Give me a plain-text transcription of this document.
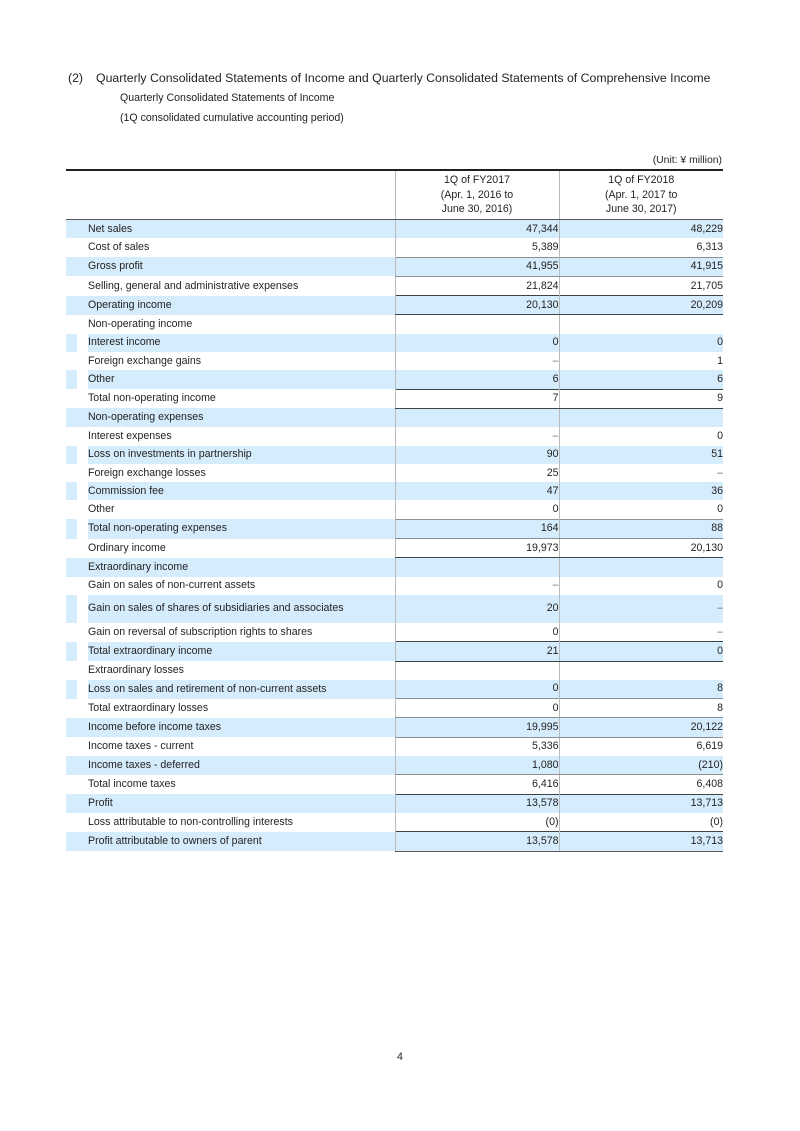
(2)	Quarterly Consolidated Statements of Income and Quarterly Consolidated Statements of Comprehensive Income
Quarterly Consolidated Statements of Income
(1Q consolidated cumulative accounting period)
(Unit: ¥ million)

1Q of FY2017
(Apr. 1, 2016 to
June 30, 2016)

1Q of FY2018
(Apr. 1, 2017 to
June 30, 2017)

		Net sales	47,344	48,229
		Cost of sales	5,389	6,313
		Gross profit	41,955	41,915
		Selling, general and administrative expenses	21,824	21,705
		Operating income	20,130	20,209
		Non-operating income		
		Interest income	0	0
		Foreign exchange gains	–	1
		Other	6	6
		Total non-operating income	7	9
		Non-operating expenses		
		Interest expenses	–	0
		Loss on investments in partnership	90	51
		Foreign exchange losses	25	–
		Commission fee	47	36
		Other	0	0
		Total non-operating expenses	164	88
		Ordinary income	19,973	20,130
		Extraordinary income		
		Gain on sales of non-current assets	–	0
		Gain on sales of shares of subsidiaries and associates	20	–
		Gain on reversal of subscription rights to shares	0	–
		Total extraordinary income	21	0
		Extraordinary losses		
		Loss on sales and retirement of non-current assets	0	8
		Total extraordinary losses	0	8
		Income before income taxes	19,995	20,122
		Income taxes - current	5,336	6,619
		Income taxes - deferred	1,080	(210)
		Total income taxes	6,416	6,408
		Profit	13,578	13,713
		Loss attributable to non-controlling interests	(0)	(0)
		Profit attributable to owners of parent	13,578	13,713
4
